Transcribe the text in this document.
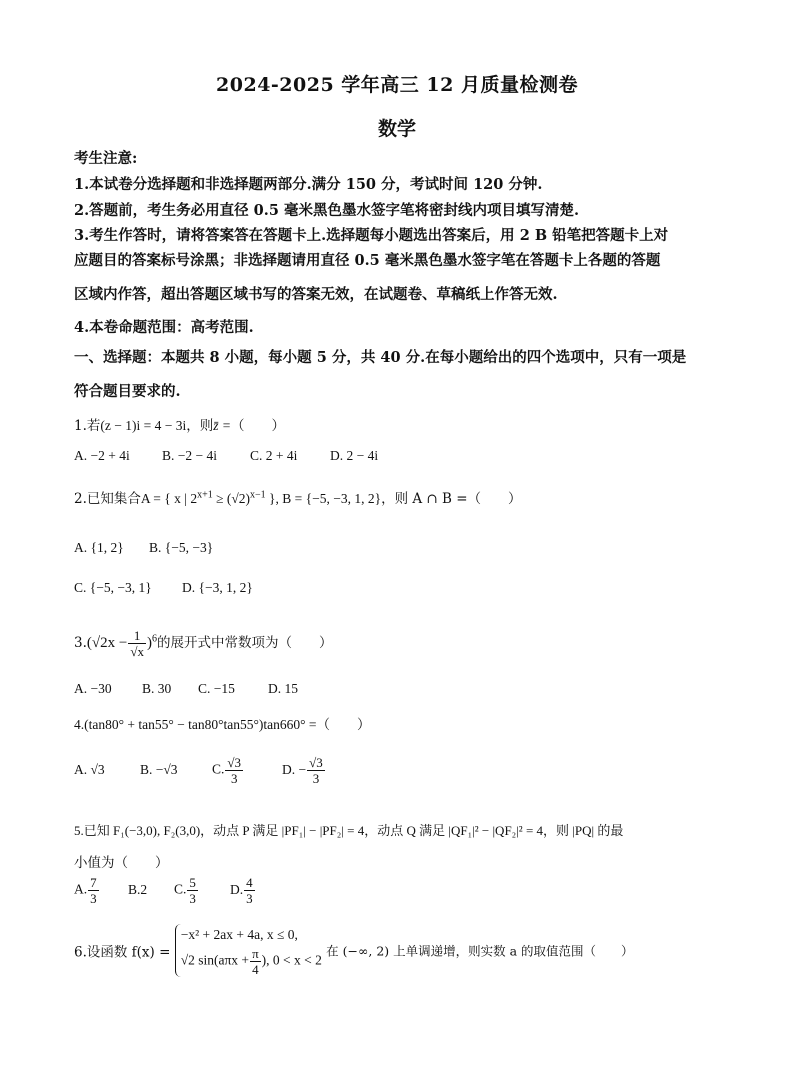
2024-2025 学年高三 12 月质量检测卷
数学
考生注意:
1.本试卷分选择题和非选择题两部分.满分 150 分，考试时间 120 分钟.
2.答题前，考生务必用直径 0.5 毫米黑色墨水签字笔将密封线内项目填写清楚.
3.考生作答时，请将答案答在答题卡上.选择题每小题选出答案后，用 2 B 铅笔把答题卡上对
应题目的答案标号涂黑；非选择题请用直径 0.5 毫米黑色墨水签字笔在答题卡上各题的答题
区域内作答，超出答题区域书写的答案无效，在试题卷、草稿纸上作答无效.
4.本卷命题范围：高考范围.
一、选择题：本题共 8 小题，每小题 5 分，共 40 分.在每小题给出的四个选项中，只有一项是
符合题目要求的.
1.若(z − 1)i = 4 − 3i，则z̄ =（　　）
A. −2 + 4i B. −2 − 4i C. 2 + 4i D. 2 − 4i
2.已知集合A = { x | $2^{x+1} \ge (√2)^{x-1}$ }, B = {−5, −3, 1, 2}，则 A ∩ B =（　　）
A. {1, 2} B. {−5, −3}
C. {−5, −3, 1} D. {−3, 1, 2}
$3.(√2x - \frac{1}{√x} )^6$的展开式中常数项为（　　）
A. −30 B. 30 C. −15 D. 15
4.(tan80° + tan55° − tan80°tan55°)tan660° =（　　）
A. √3	B. −√3	C. $\frac{√3}{3}$	D. − $\frac{√3}{3}$
5.已知 F₁(−3,0), F₂(3,0)，动点 P 满足 |PF₁| − |PF₂| = 4，动点 Q 满足 |QF₁|² − |QF₂|² = 4，则 |PQ| 的最
小值为（　　）
A. $\frac{7}{3} B.2$ C. $\frac{5}{3} D$. $\frac{4}{3}$
6.设函数 f(x) =
−x² + 2ax + 4a, x ≤ 0,
√2 $\sin(a\pi x + \frac{\pi}{4}$ ), 0 < x < 2
在 (−∞, 2) 上单调递增，则实数 a 的取值范围（　　）
